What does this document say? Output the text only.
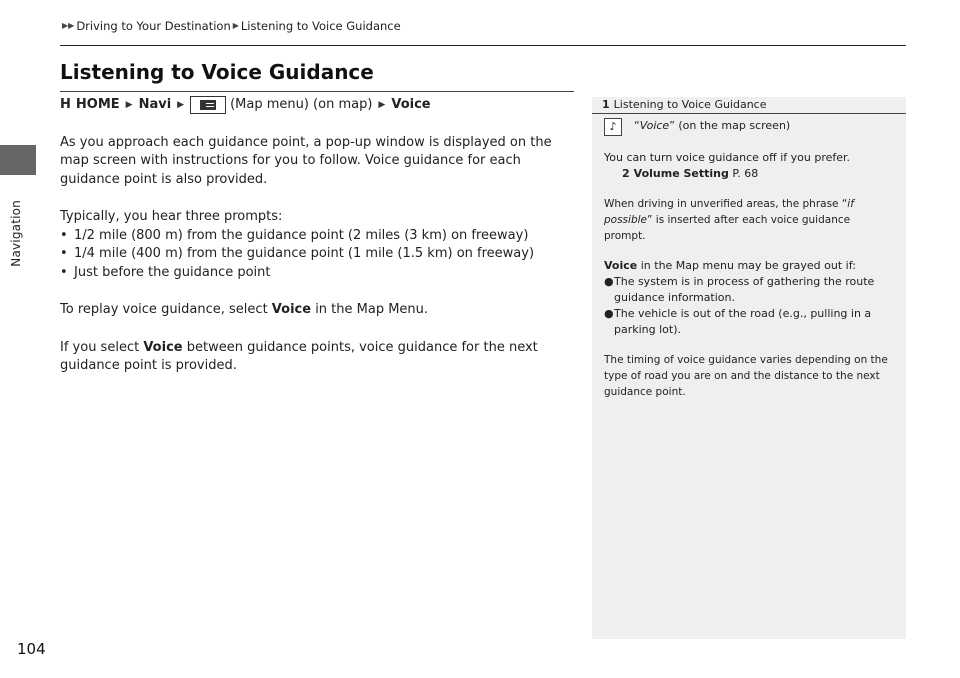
Navigation
▶▶ Driving to Your Destination ▶ Listening to Voice Guidance
Listening to Voice Guidance
H HOME ▶ Navi ▶	(Map menu) (on map) ▶ Voice

As you approach each guidance point, a pop-up window is displayed on the map screen with instructions for you to follow. Voice guidance for each guidance point is also provided.

Typically, you hear three prompts:

• 1/2 mile (800 m) from the guidance point (2 miles (3 km) on freeway)
• 1/4 mile (400 m) from the guidance point (1 mile (1.5 km) on freeway)
• Just before the guidance point

To replay voice guidance, select Voice in the Map Menu.

If you select Voice between guidance points, voice guidance for the next guidance point is provided.

1 Listening to Voice Guidance
♪	“Voice” (on the map screen)

You can turn voice guidance off if you prefer.

2 Volume Setting P. 68

When driving in unverified areas, the phrase “if possible” is inserted after each voice guidance prompt.

Voice in the Map menu may be grayed out if:

● The system is in process of gathering the route guidance information.
● The vehicle is out of the road (e.g., pulling in a parking lot).

The timing of voice guidance varies depending on the type of road you are on and the distance to the next guidance point.

104
